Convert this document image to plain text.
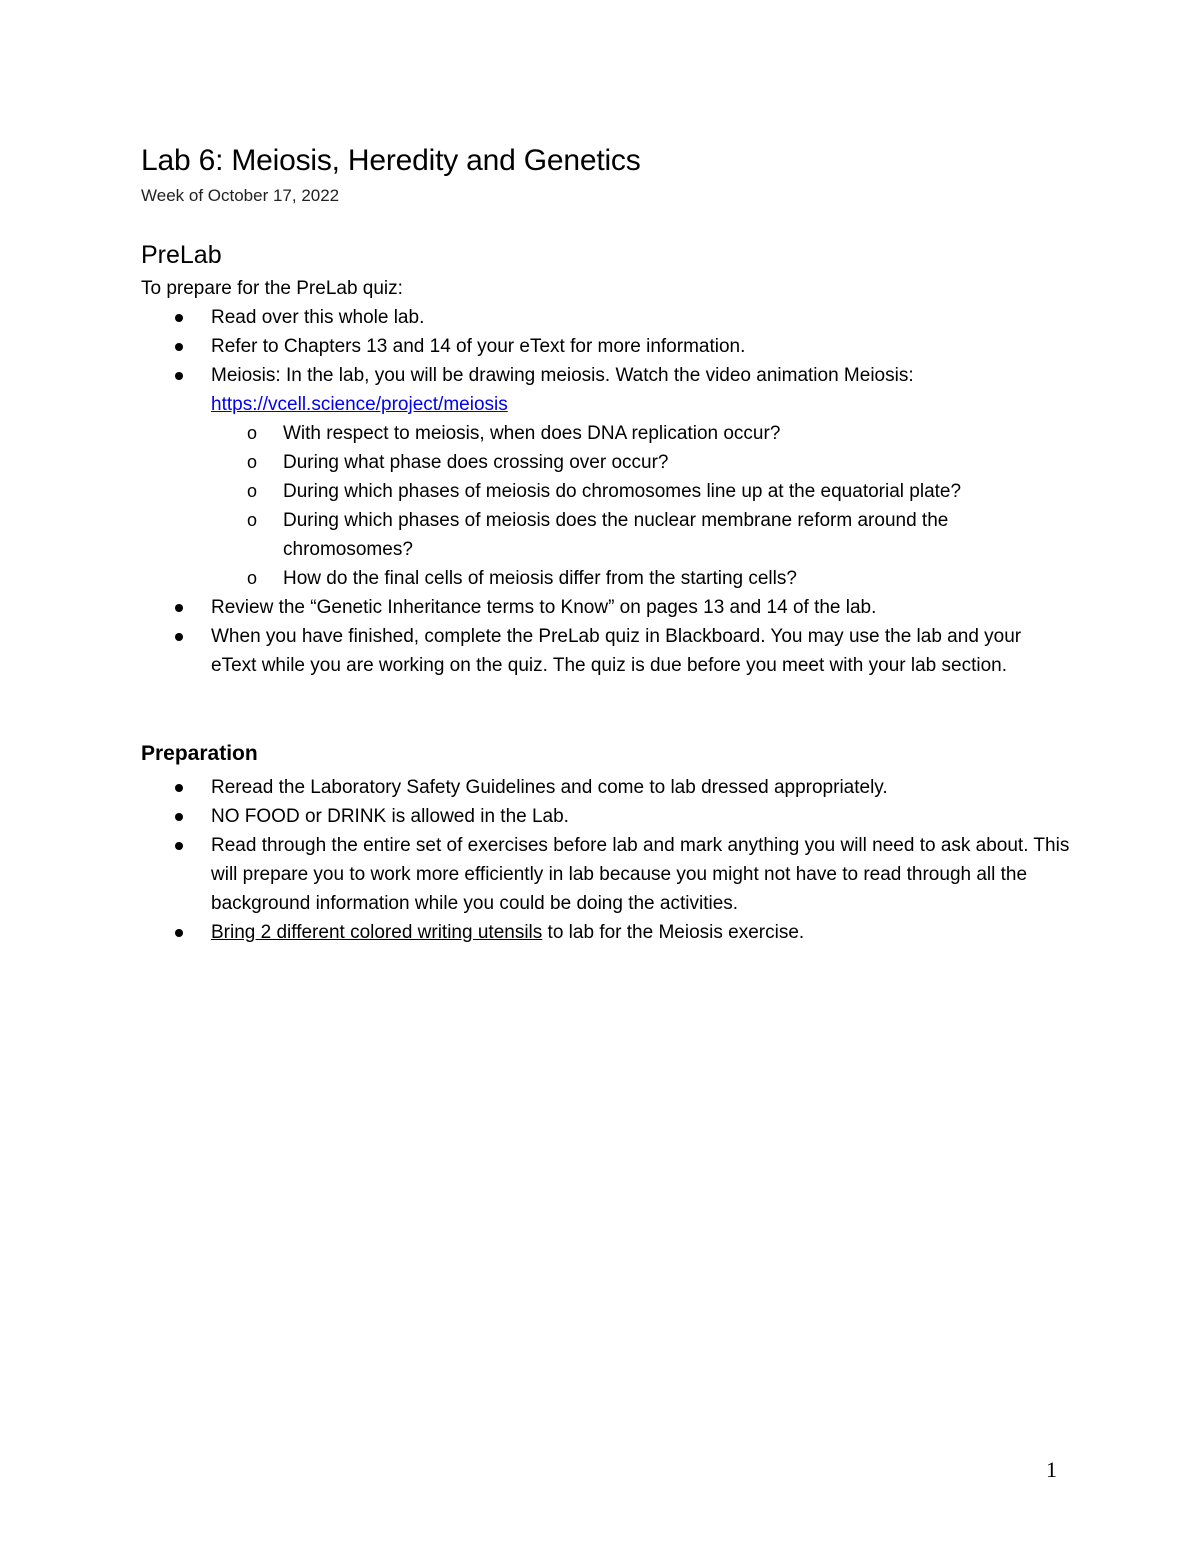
Lab 6: Meiosis, Heredity and Genetics

Week of October 17, 2022

PreLab

To prepare for the PreLab quiz:

Read over this whole lab.
Refer to Chapters 13 and 14 of your eText for more information.
Meiosis: In the lab, you will be drawing meiosis. Watch the video animation Meiosis:
https://vcell.science/project/meiosis
o With respect to meiosis, when does DNA replication occur?
o During what phase does crossing over occur?
o During which phases of meiosis do chromosomes line up at the equatorial plate?
o During which phases of meiosis does the nuclear membrane reform around the chromosomes?
o How do the final cells of meiosis differ from the starting cells?
Review the “Genetic Inheritance terms to Know” on pages 13 and 14 of the lab.
When you have finished, complete the PreLab quiz in Blackboard. You may use the lab and your eText while you are working on the quiz. The quiz is due before you meet with your lab section.
Preparation
Reread the Laboratory Safety Guidelines and come to lab dressed appropriately.
NO FOOD or DRINK is allowed in the Lab.
Read through the entire set of exercises before lab and mark anything you will need to ask about. This will prepare you to work more efficiently in lab because you might not have to read through all the background information while you could be doing the activities.
Bring 2 different colored writing utensils to lab for the Meiosis exercise.
1
